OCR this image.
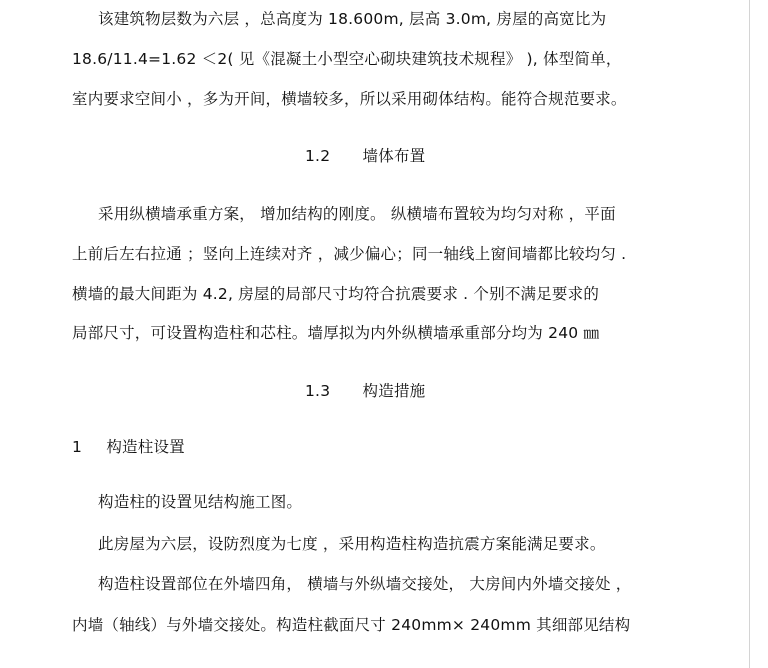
该建筑物层数为六层 ，总高度为 18.600m, 层高 3.0m, 房屋的高宽比为
18.6/11.4=1.62 ＜2( 见《混凝土小型空心砌块建筑技术规程》 ), 体型简单，
室内要求空间小 ，多为开间，横墙较多，所以采用砌体结构。能符合规范要求。
1.2 墙体布置
采用纵横墙承重方案， 增加结构的刚度。 纵横墙布置较为均匀对称 ，平面
上前后左右拉通 ；竖向上连续对齐 ，减少偏心；同一轴线上窗间墙都比较均匀 .
横墙的最大间距为 4.2, 房屋的局部尺寸均符合抗震要求 . 个别不满足要求的
局部尺寸，可设置构造柱和芯柱。墙厚拟为内外纵横墙承重部分均为 240 ㎜
1.3 构造措施
1 构造柱设置
构造柱的设置见结构施工图。
此房屋为六层，设防烈度为七度 ，采用构造柱构造抗震方案能满足要求。
构造柱设置部位在外墙四角， 横墙与外纵墙交接处， 大房间内外墙交接处 ，
内墙（轴线）与外墙交接处。构造柱截面尺寸 240mm× 240mm 其细部见结构
